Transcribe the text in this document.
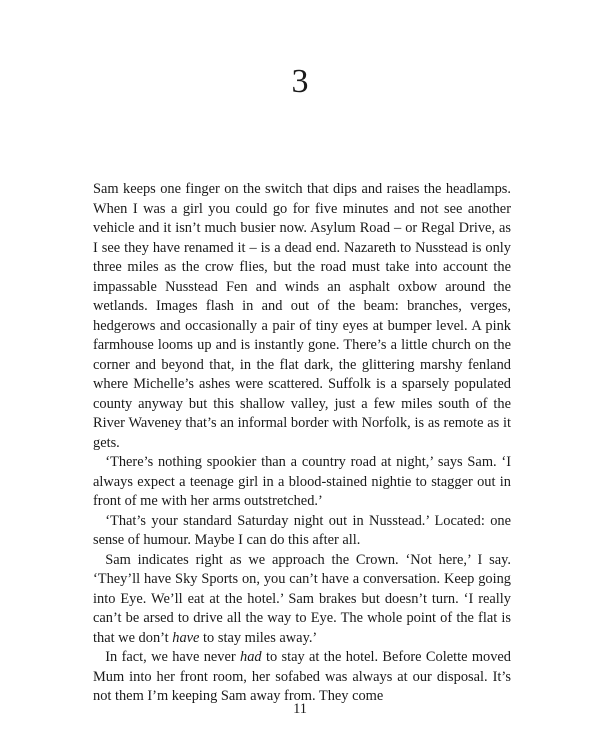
3

Sam keeps one finger on the switch that dips and raises the headlamps. When I was a girl you could go for five minutes and not see another vehicle and it isn’t much busier now. Asylum Road – or Regal Drive, as I see they have renamed it – is a dead end. Nazareth to Nusstead is only three miles as the crow flies, but the road must take into account the impassable Nusstead Fen and winds an asphalt oxbow around the wetlands. Images flash in and out of the beam: branches, verges, hedgerows and occasionally a pair of tiny eyes at bumper level. A pink farmhouse looms up and is instantly gone. There’s a little church on the corner and beyond that, in the flat dark, the glittering marshy fenland where Michelle’s ashes were scattered. Suffolk is a sparsely populated county anyway but this shallow valley, just a few miles south of the River Waveney that’s an informal border with Norfolk, is as remote as it gets.

‘There’s nothing spookier than a country road at night,’ says Sam. ‘I always expect a teenage girl in a blood-stained nightie to stagger out in front of me with her arms outstretched.’

‘That’s your standard Saturday night out in Nusstead.’ Located: one sense of humour. Maybe I can do this after all.

Sam indicates right as we approach the Crown. ‘Not here,’ I say. ‘They’ll have Sky Sports on, you can’t have a conversation. Keep going into Eye. We’ll eat at the hotel.’ Sam brakes but doesn’t turn. ‘I really can’t be arsed to drive all the way to Eye. The whole point of the flat is that we don’t have to stay miles away.’

In fact, we have never had to stay at the hotel. Before Colette moved Mum into her front room, her sofabed was always at our disposal. It’s not them I’m keeping Sam away from. They come

11
